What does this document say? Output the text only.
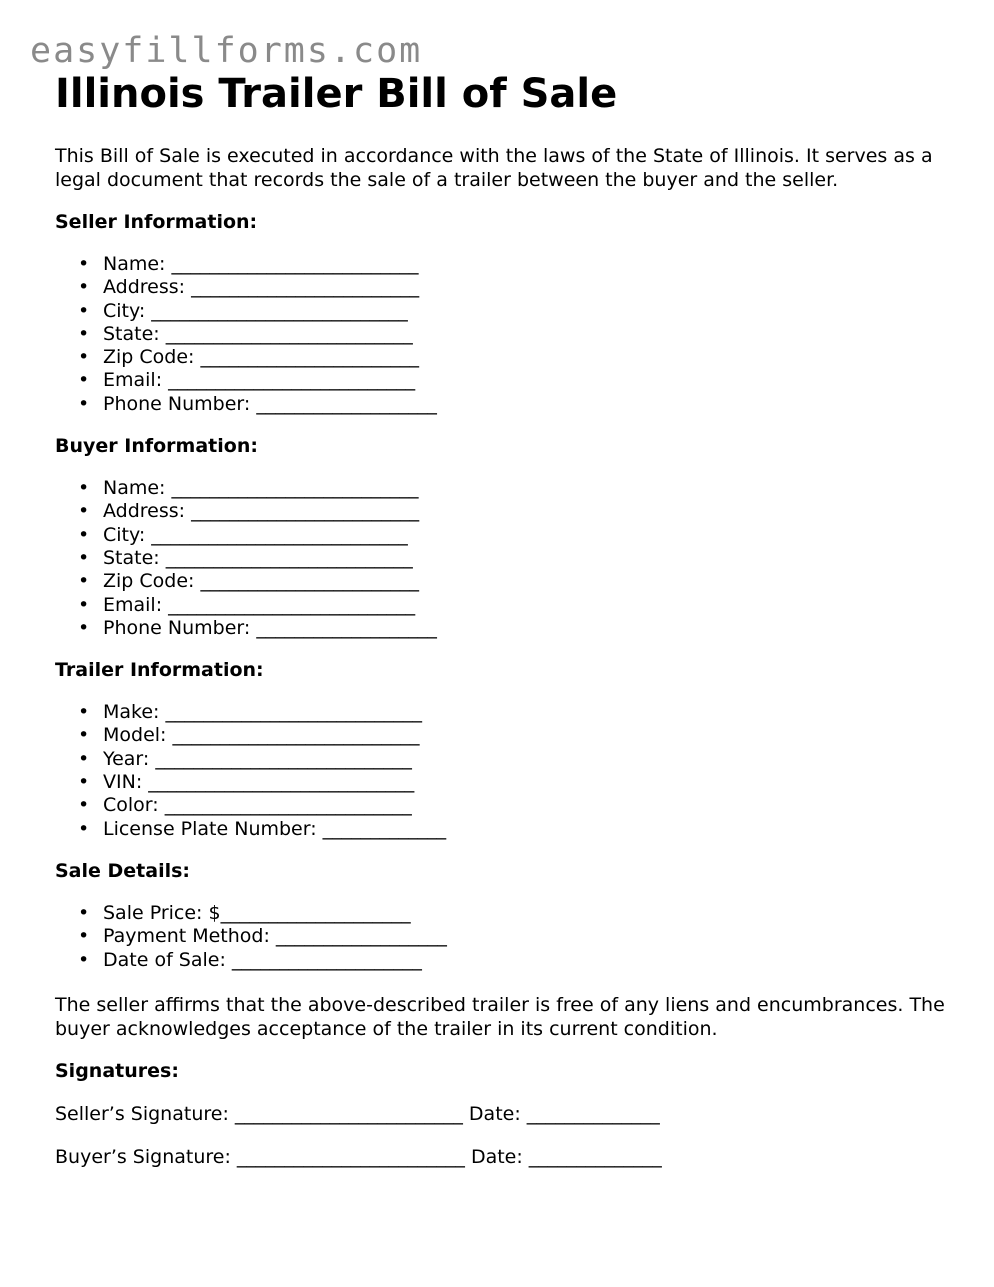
easyfillforms.com
Illinois Trailer Bill of Sale

This Bill of Sale is executed in accordance with the laws of the State of Illinois. It serves as a legal document that records the sale of a trailer between the buyer and the seller.

Seller Information:
• Name: __________________________
• Address: ________________________
• City: ___________________________
• State: __________________________
• Zip Code: _______________________
• Email: __________________________
• Phone Number: ___________________
Buyer Information:
• Name: __________________________
• Address: ________________________
• City: ___________________________
• State: __________________________
• Zip Code: _______________________
• Email: __________________________
• Phone Number: ___________________
Trailer Information:
• Make: ___________________________
• Model: __________________________
• Year: ___________________________
• VIN: ____________________________
• Color: __________________________
• License Plate Number: _____________
Sale Details:
• Sale Price: $____________________
• Payment Method: __________________
• Date of Sale: ____________________

The seller affirms that the above-described trailer is free of any liens and encumbrances. The buyer acknowledges acceptance of the trailer in its current condition.

Signatures:
Seller’s Signature: ________________________ Date: ______________
Buyer’s Signature: ________________________ Date: ______________
